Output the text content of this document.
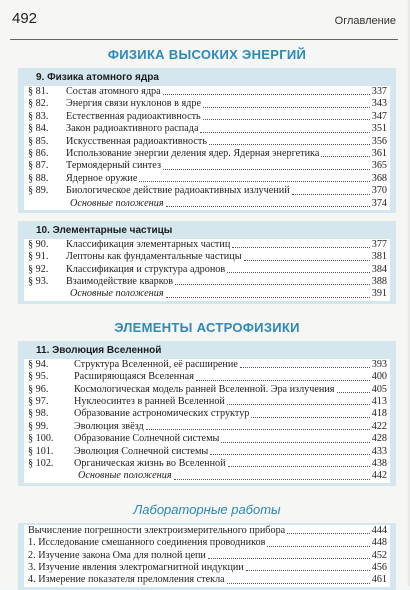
492	Оглавление
ФИЗИКА ВЫСОКИХ ЭНЕРГИЙ
9. Физика атомного ядра
§ 81.	Состав атомного ядра	337
§ 82.	Энергия связи нуклонов в ядре	343
§ 83.	Естественная радиоактивность	347
§ 84.	Закон радиоактивного распада	351
§ 85.	Искусственная радиоактивность	356
§ 86.	Использование энергии деления ядер. Ядерная энергетика	361
§ 87.	Термоядерный синтез	365
§ 88.	Ядерное оружие	368
§ 89.	Биологическое действие радиоактивных излучений	370
Основные положения	374
10. Элементарные частицы
§ 90.	Классификация элементарных частиц	377
§ 91.	Лептоны как фундаментальные частицы	381
§ 92.	Классификация и структура адронов	384
§ 93.	Взаимодействие кварков	388
Основные положения	391
ЭЛЕМЕНТЫ АСТРОФИЗИКИ
11. Эволюция Вселенной
§ 94.	Структура Вселенной, её расширение	393
§ 95.	Расширяющаяся Вселенная	400
§ 96.	Космологическая модель ранней Вселенной. Эра излучения	405
§ 97.	Нуклеосинтез в ранней Вселенной	413
§ 98.	Образование астрономических структур	418
§ 99.	Эволюция звёзд	422
§ 100.	Образование Солнечной системы	428
§ 101.	Эволюция Солнечной системы	433
§ 102.	Органическая жизнь во Вселенной	438
Основные положения	442
Лабораторные работы
Вычисление погрешности электроизмерительного прибора	444
1. Исследование смешанного соединения проводников	448
2. Изучение закона Ома для полной цепи	452
3. Изучение явления электромагнитной индукции	456
4. Измерение показателя преломления стекла	461
